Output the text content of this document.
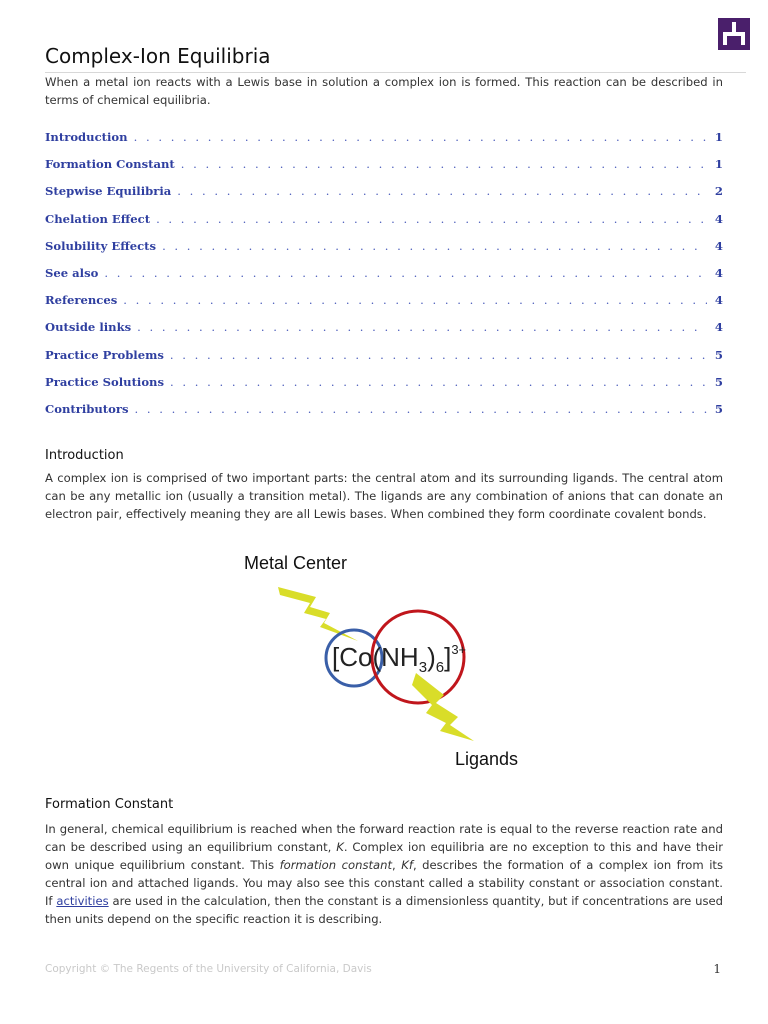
Complex-Ion Equilibria

When a metal ion reacts with a Lewis base in solution a complex ion is formed. This reaction can be described in terms of chemical equilibria.

Introduction . . .	1
Formation Constant . . .	1
Stepwise Equilibria . . .	2
Chelation Effect . . .	4
Solubility Effects . . .	4
See also . . .	4
References . . .	4
Outside links . . .	4
Practice Problems . . .	5
Practice Solutions . . .	5
Contributors . . .	5
Introduction

A complex ion is comprised of two important parts: the central atom and its surrounding ligands. The central atom can be any metallic ion (usually a transition metal). The ligands are any combination of anions that can donate an electron pair, effectively meaning they are all Lewis bases. When combined they form coordinate covalent bonds.

Metal Center
$[Co(NH_3)_6]^{3+}$
Ligands
Formation Constant

In general, chemical equilibrium is reached when the forward reaction rate is equal to the reverse reaction rate and can be described using an equilibrium constant, K. Complex ion equilibria are no exception to this and have their own unique equilibrium constant. This formation constant, Kf, describes the formation of a complex ion from its central ion and attached ligands. You may also see this constant called a stability constant or association constant. If activities are used in the calculation, then the constant is a dimensionless quantity, but if concentrations are used then units depend on the specific reaction it is describing.

Copyright © The Regents of the University of California, Davis	1
